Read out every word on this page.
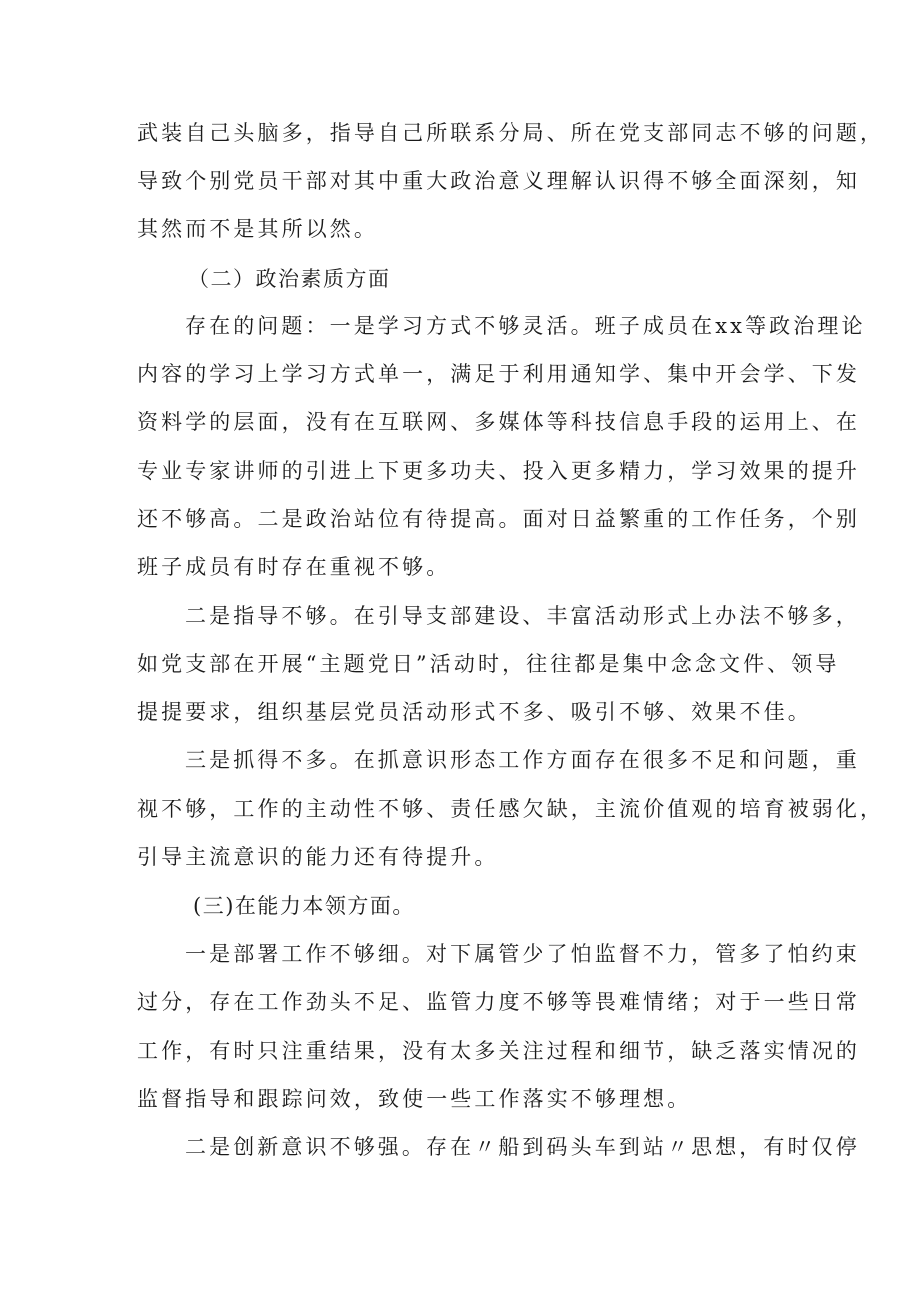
武装自己头脑多，指导自己所联系分局、所在党支部同志不够的问题，
导致个别党员干部对其中重大政治意义理解认识得不够全面深刻，知
其然而不是其所以然。
（二）政治素质方面
存在的问题：一是学习方式不够灵活。班子成员在xx等政治理论
内容的学习上学习方式单一，满足于利用通知学、集中开会学、下发
资料学的层面，没有在互联网、多媒体等科技信息手段的运用上、在
专业专家讲师的引进上下更多功夫、投入更多精力，学习效果的提升
还不够高。二是政治站位有待提高。面对日益繁重的工作任务，个别
班子成员有时存在重视不够。
二是指导不够。在引导支部建设、丰富活动形式上办法不够多，
如党支部在开展“主题党日”活动时，往往都是集中念念文件、领导
提提要求，组织基层党员活动形式不多、吸引不够、效果不佳。
三是抓得不多。在抓意识形态工作方面存在很多不足和问题，重
视不够，工作的主动性不够、责任感欠缺，主流价值观的培育被弱化，
引导主流意识的能力还有待提升。
(三)在能力本领方面。
一是部署工作不够细。对下属管少了怕监督不力，管多了怕约束
过分，存在工作劲头不足、监管力度不够等畏难情绪；对于一些日常
工作，有时只注重结果，没有太多关注过程和细节，缺乏落实情况的
监督指导和跟踪问效，致使一些工作落实不够理想。
二是创新意识不够强。存在〃船到码头车到站〃思想，有时仅停
